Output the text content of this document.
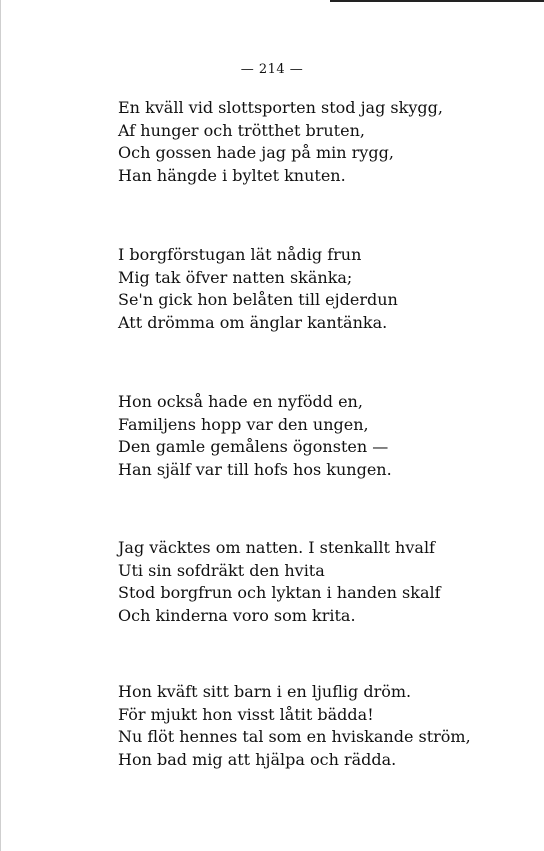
— 214 —
En kväll vid slottsporten stod jag skygg,
Af hunger och trötthet bruten,
Och gossen hade jag på min rygg,
Han hängde i byltet knuten.
I borgförstugan lät nådig frun
Mig tak öfver natten skänka;
Se'n gick hon belåten till ejderdun
Att drömma om änglar kantänka.
Hon också hade en nyfödd en,
Familjens hopp var den ungen,
Den gamle gemålens ögonsten —
Han själf var till hofs hos kungen.
Jag väcktes om natten. I stenkallt hvalf
Uti sin sofdräkt den hvita
Stod borgfrun och lyktan i handen skalf
Och kinderna voro som krita.
Hon kväft sitt barn i en ljuflig dröm.
För mjukt hon visst låtit bädda!
Nu flöt hennes tal som en hviskande ström,
Hon bad mig att hjälpa och rädda.
